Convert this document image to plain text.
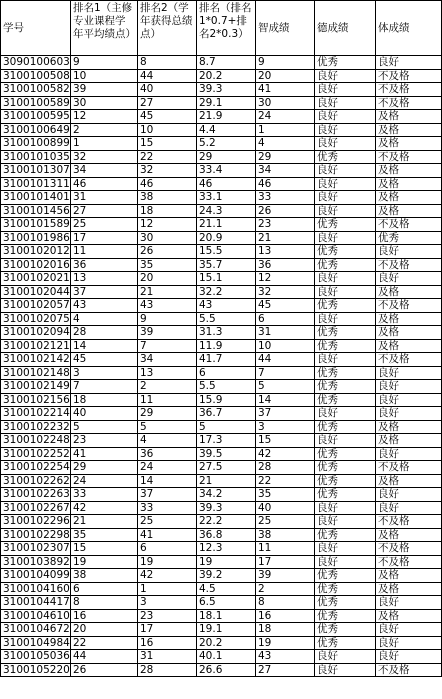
学号	排名1（主修专业课程学年平均绩点）	排名2（学年获得总绩点）	排名（排名1*0.7+排名2*0.3）	智成绩	德成绩	体成绩
3090100603	9	8	8.7	9	优秀	良好
3100100508	10	44	20.2	20	良好	不及格
3100100582	39	40	39.3	41	良好	不及格
3100100589	30	27	29.1	30	良好	不及格
3100100595	12	45	21.9	24	良好	及格
3100100649	2	10	4.4	1	良好	及格
3100100899	1	15	5.2	4	良好	及格
3100101035	32	22	29	29	优秀	不及格
3100101307	34	32	33.4	34	良好	及格
3100101311	46	46	46	46	良好	及格
3100101401	31	38	33.1	33	良好	及格
3100101456	27	18	24.3	26	良好	及格
3100101589	25	12	21.1	23	优秀	不及格
3100101986	17	30	20.9	21	良好	优秀
3100102012	11	26	15.5	13	优秀	良好
3100102016	36	35	35.7	36	优秀	不及格
3100102021	13	20	15.1	12	良好	良好
3100102044	37	21	32.2	32	良好	及格
3100102057	43	43	43	45	优秀	不及格
3100102075	4	9	5.5	6	良好	及格
3100102094	28	39	31.3	31	优秀	及格
3100102121	14	7	11.9	10	优秀	及格
3100102142	45	34	41.7	44	良好	不及格
3100102148	3	13	6	7	优秀	良好
3100102149	7	2	5.5	5	优秀	良好
3100102156	18	11	15.9	14	优秀	良好
3100102214	40	29	36.7	37	良好	良好
3100102232	5	5	5	3	优秀	及格
3100102248	23	4	17.3	15	良好	及格
3100102252	41	36	39.5	42	优秀	良好
3100102254	29	24	27.5	28	优秀	不及格
3100102262	24	14	21	22	优秀	及格
3100102263	33	37	34.2	35	优秀	良好
3100102267	42	33	39.3	40	良好	良好
3100102296	21	25	22.2	25	良好	不及格
3100102298	35	41	36.8	38	优秀	及格
3100102307	15	6	12.3	11	良好	不及格
3100103892	19	19	19	17	良好	不及格
3100104099	38	42	39.2	39	优秀	及格
3100104160	6	1	4.5	2	优秀	及格
3100104417	8	3	6.5	8	优秀	良好
3100104610	16	23	18.1	16	优秀	及格
3100104672	20	17	19.1	18	优秀	良好
3100104984	22	16	20.2	19	优秀	良好
3100105036	44	31	40.1	43	良好	良好
3100105220	26	28	26.6	27	良好	不及格
